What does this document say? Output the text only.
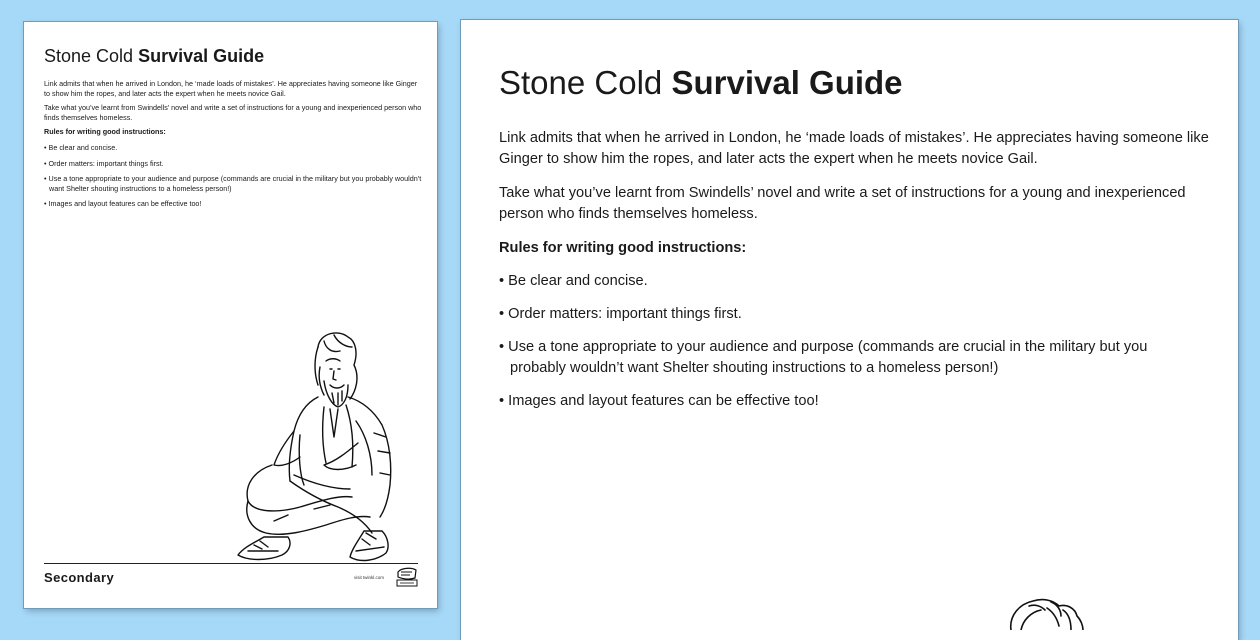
Stone Cold Survival Guide

Link admits that when he arrived in London, he ‘made loads of mistakes’. He appreciates having someone like Ginger to show him the ropes, and later acts the expert when he meets novice Gail.

Take what you’ve learnt from Swindells’ novel and write a set of instructions for a young and inexperienced person who finds themselves homeless.

Rules for writing good instructions:

• Be clear and concise.
• Order matters: important things first.
• Use a tone appropriate to your audience and purpose (commands are crucial in the military but you probably wouldn’t want Shelter shouting instructions to a homeless person!)
• Images and layout features can be effective too!
Secondary	visit twinkl.com
Stone Cold Survival Guide

Link admits that when he arrived in London, he ‘made loads of mistakes’. He appreciates having someone like Ginger to show him the ropes, and later acts the expert when he meets novice Gail.

Take what you’ve learnt from Swindells’ novel and write a set of instructions for a young and inexperienced person who finds themselves homeless.

Rules for writing good instructions:

• Be clear and concise.
• Order matters: important things first.
• Use a tone appropriate to your audience and purpose (commands are crucial in the military but you probably wouldn’t want Shelter shouting instructions to a homeless person!)
• Images and layout features can be effective too!
